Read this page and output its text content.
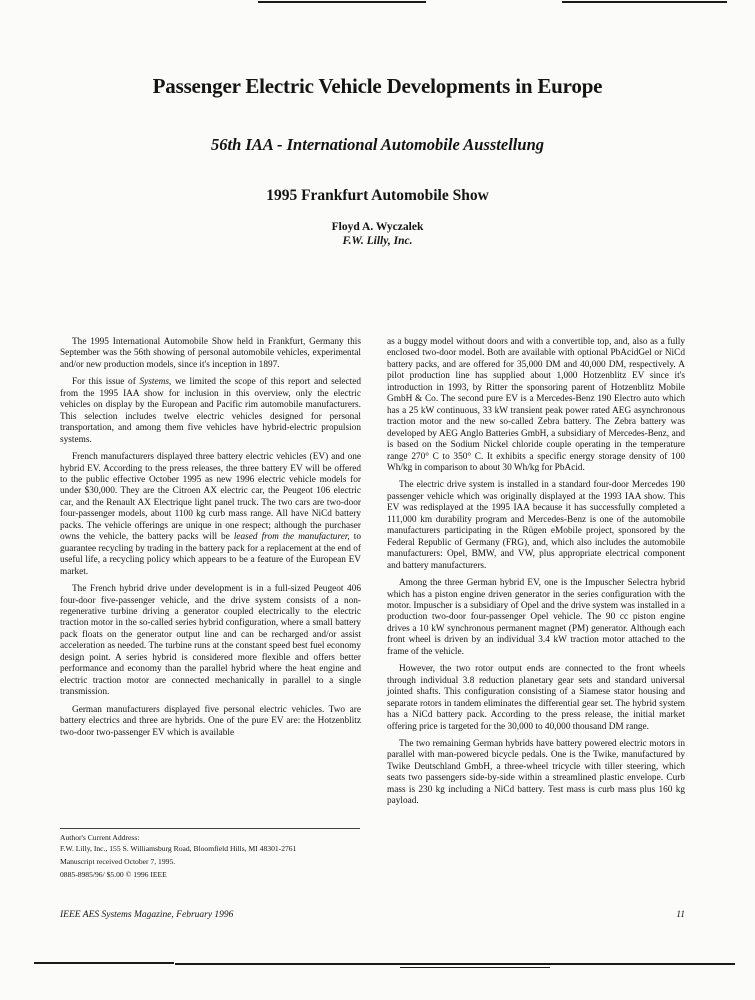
Passenger Electric Vehicle Developments in Europe
56th IAA - International Automobile Ausstellung
1995 Frankfurt Automobile Show
Floyd A. Wyczalek
F.W. Lilly, Inc.

The 1995 International Automobile Show held in Frankfurt, Germany this September was the 56th showing of personal automobile vehicles, experimental and/or new production models, since it's inception in 1897.

For this issue of Systems, we limited the scope of this report and selected from the 1995 IAA show for inclusion in this overview, only the electric vehicles on display by the European and Pacific rim automobile manufacturers. This selection includes twelve electric vehicles designed for personal transportation, and among them five vehicles have hybrid-electric propulsion systems.

French manufacturers displayed three battery electric vehicles (EV) and one hybrid EV. According to the press releases, the three battery EV will be offered to the public effective October 1995 as new 1996 electric vehicle models for under $30,000. They are the Citroen AX electric car, the Peugeot 106 electric car, and the Renault AX Electrique light panel truck. The two cars are two-door four-passenger models, about 1100 kg curb mass range. All have NiCd battery packs. The vehicle offerings are unique in one respect; although the purchaser owns the vehicle, the battery packs will be leased from the manufacturer, to guarantee recycling by trading in the battery pack for a replacement at the end of useful life, a recycling policy which appears to be a feature of the European EV market.

The French hybrid drive under development is in a full-sized Peugeot 406 four-door five-passenger vehicle, and the drive system consists of a non-regenerative turbine driving a generator coupled electrically to the electric traction motor in the so-called series hybrid configuration, where a small battery pack floats on the generator output line and can be recharged and/or assist acceleration as needed. The turbine runs at the constant speed best fuel economy design point. A series hybrid is considered more flexible and offers better performance and economy than the parallel hybrid where the heat engine and electric traction motor are connected mechanically in parallel to a single transmission.

German manufacturers displayed five personal electric vehicles. Two are battery electrics and three are hybrids. One of the pure EV are: the Hotzenblitz two-door two-passenger EV which is available

Author's Current Address:
F.W. Lilly, Inc., 155 S. Williamsburg Road, Bloomfield Hills, MI 48301-2761
Manuscript received October 7, 1995.
0885-8985/96/ $5.00 © 1996 IEEE

as a buggy model without doors and with a convertible top, and, also as a fully enclosed two-door model. Both are available with optional PbAcidGel or NiCd battery packs, and are offered for 35,000 DM and 40,000 DM, respectively. A pilot production line has supplied about 1,000 Hotzenblitz EV since it's introduction in 1993, by Ritter the sponsoring parent of Hotzenblitz Mobile GmbH & Co. The second pure EV is a Mercedes-Benz 190 Electro auto which has a 25 kW continuous, 33 kW transient peak power rated AEG asynchronous traction motor and the new so-called Zebra battery. The Zebra battery was developed by AEG Anglo Batteries GmbH, a subsidiary of Mercedes-Benz, and is based on the Sodium Nickel chloride couple operating in the temperature range 270° C to 350° C. It exhibits a specific energy storage density of 100 Wh/kg in comparison to about 30 Wh/kg for PbAcid.

The electric drive system is installed in a standard four-door Mercedes 190 passenger vehicle which was originally displayed at the 1993 IAA show. This EV was redisplayed at the 1995 IAA because it has successfully completed a 111,000 km durability program and Mercedes-Benz is one of the automobile manufacturers participating in the Rügen eMobile project, sponsored by the Federal Republic of Germany (FRG), and, which also includes the automobile manufacturers: Opel, BMW, and VW, plus appropriate electrical component and battery manufacturers.

Among the three German hybrid EV, one is the Impuscher Selectra hybrid which has a piston engine driven generator in the series configuration with the motor. Impuscher is a subsidiary of Opel and the drive system was installed in a production two-door four-passenger Opel vehicle. The 90 cc piston engine drives a 10 kW synchronous permanent magnet (PM) generator. Although each front wheel is driven by an individual 3.4 kW traction motor attached to the frame of the vehicle.

However, the two rotor output ends are connected to the front wheels through individual 3.8 reduction planetary gear sets and standard universal jointed shafts. This configuration consisting of a Siamese stator housing and separate rotors in tandem eliminates the differential gear set. The hybrid system has a NiCd battery pack. According to the press release, the initial market offering price is targeted for the 30,000 to 40,000 thousand DM range.

The two remaining German hybrids have battery powered electric motors in parallel with man-powered bicycle pedals. One is the Twike, manufactured by Twike Deutschland GmbH, a three-wheel tricycle with tiller steering, which seats two passengers side-by-side within a streamlined plastic envelope. Curb mass is 230 kg including a NiCd battery. Test mass is curb mass plus 160 kg payload.

IEEE AES Systems Magazine, February 1996	11
